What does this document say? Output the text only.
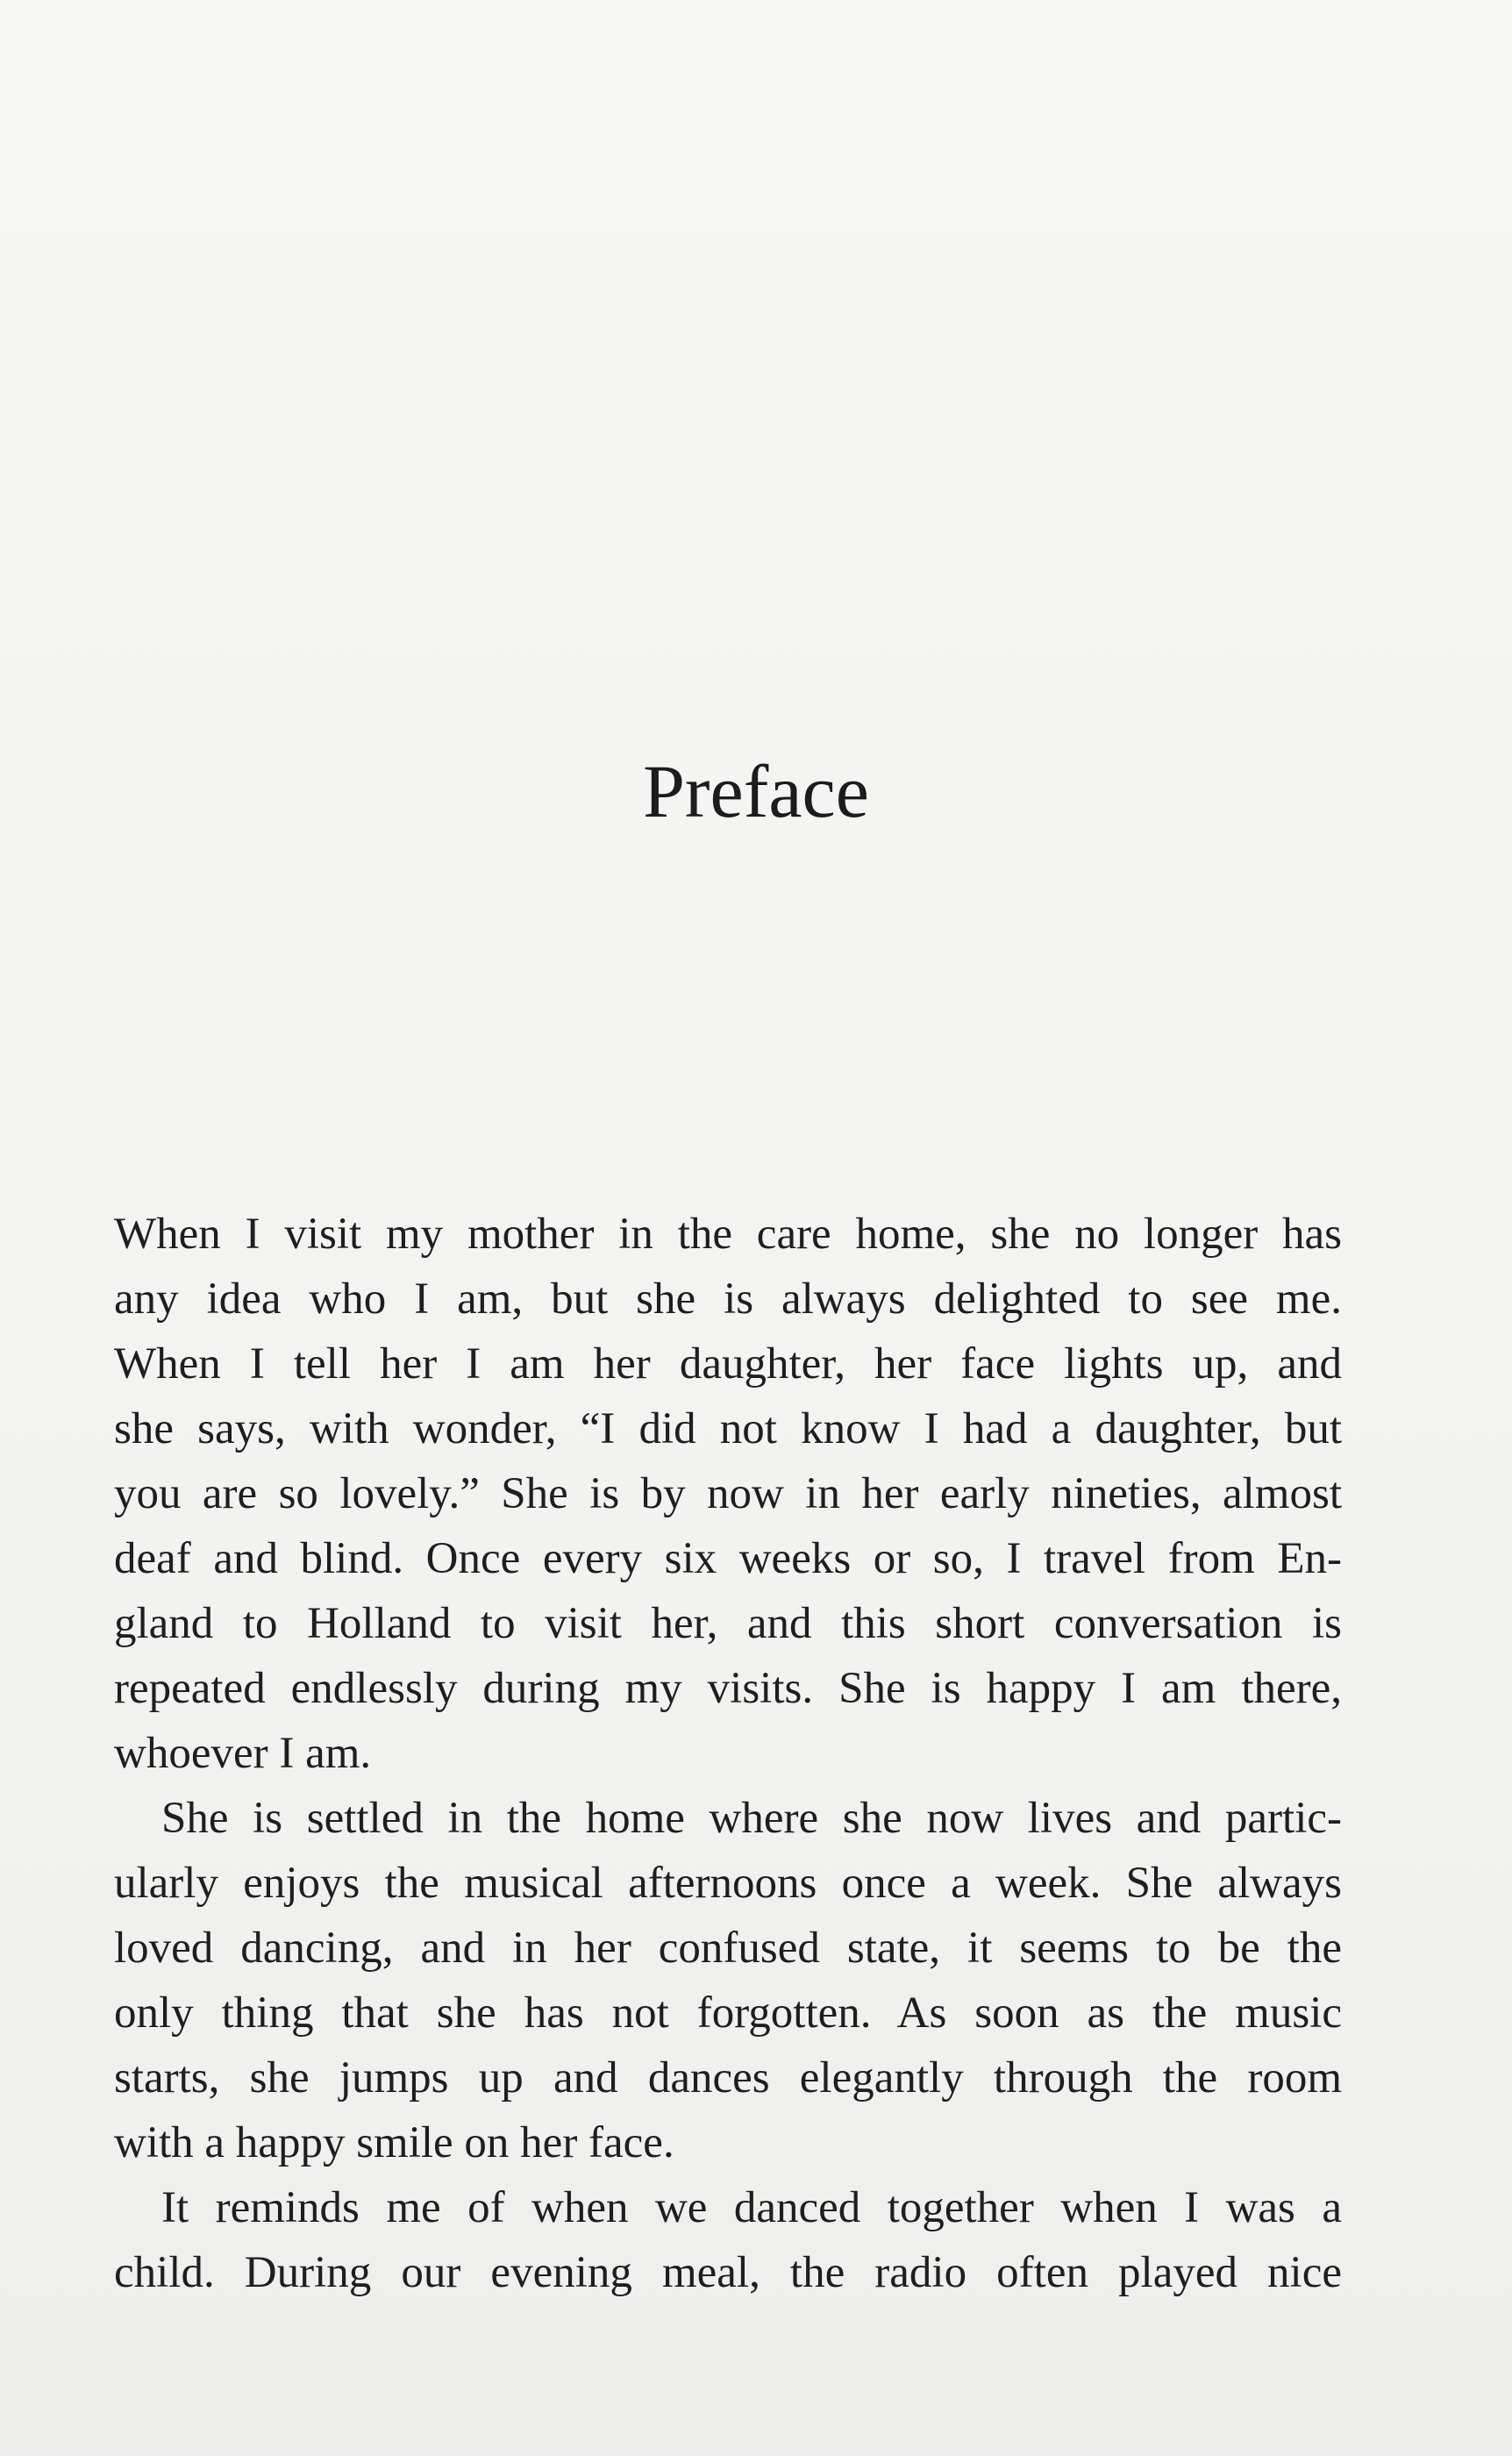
Preface

When I visit my mother in the care home, she no longer has
any idea who I am, but she is always delighted to see me.
When I tell her I am her daughter, her face lights up, and
she says, with wonder, “I did not know I had a daughter, but
you are so lovely.” She is by now in her early nineties, almost
deaf and blind. Once every six weeks or so, I travel from En-
gland to Holland to visit her, and this short conversation is
repeated endlessly during my visits. She is happy I am there,
whoever I am.

She is settled in the home where she now lives and partic-
ularly enjoys the musical afternoons once a week. She always
loved dancing, and in her confused state, it seems to be the
only thing that she has not forgotten. As soon as the music
starts, she jumps up and dances elegantly through the room
with a happy smile on her face.

It reminds me of when we danced together when I was a
child. During our evening meal, the radio often played nice
